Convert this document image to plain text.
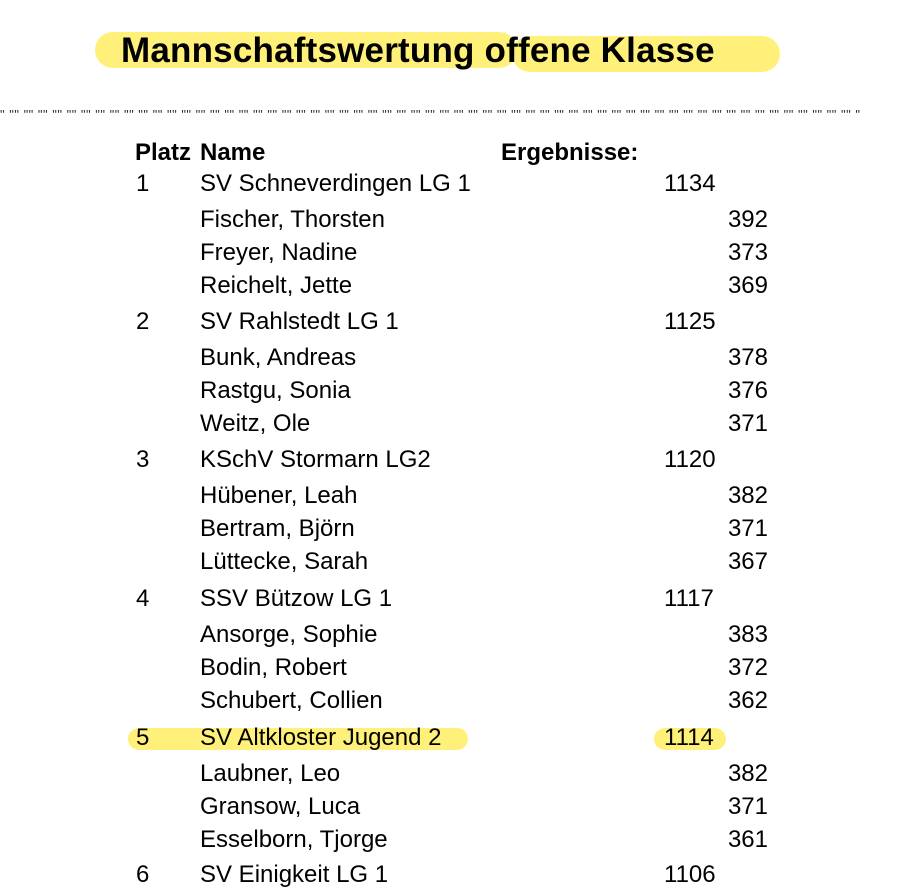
Mannschaftswertung offene Klasse
" "" "" "" "" "" "" "" "" "" "" "" "" "" "" "" "" "" "" "" "" "" "" "" "" "" "" "" "" "" "" "" "" "" "" "" "" "" "" "" "" "" "" "" "" "" "" "" "" "" "" "" "" "" "" "" "" "" "" "" "
Platz Name	Ergebnisse:
1 SV Schneverdingen LG 1	1134
Fischer, Thorsten	392
Freyer, Nadine	373
Reichelt, Jette	369
2 SV Rahlstedt LG 1	1125
Bunk, Andreas	378
Rastgu, Sonia	376
Weitz, Ole	371
3 KSchV Stormarn LG2	1120
Hübener, Leah	382
Bertram, Björn	371
Lüttecke, Sarah	367
4 SSV Bützow LG 1	1117
Ansorge, Sophie	383
Bodin, Robert	372
Schubert, Collien	362
5 SV Altkloster Jugend 2	1114
Laubner, Leo	382
Gransow, Luca	371
Esselborn, Tjorge	361
6 SV Einigkeit LG 1	1106
